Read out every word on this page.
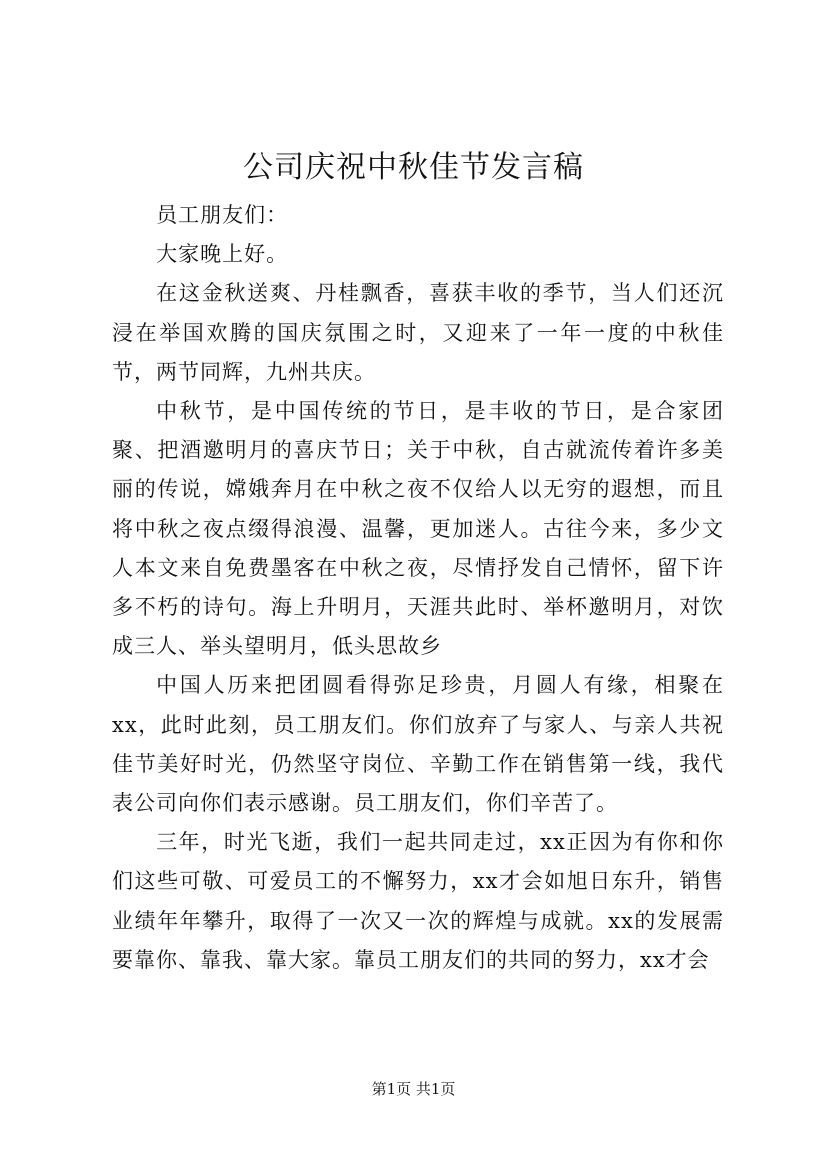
公司庆祝中秋佳节发言稿

员工朋友们：

大家晚上好。

在这金秋送爽、丹桂飘香，喜获丰收的季节，当人们还沉浸在举国欢腾的国庆氛围之时，又迎来了一年一度的中秋佳节，两节同辉，九州共庆。

中秋节，是中国传统的节日，是丰收的节日，是合家团聚、把酒邀明月的喜庆节日；关于中秋，自古就流传着许多美丽的传说，嫦娥奔月在中秋之夜不仅给人以无穷的遐想，而且将中秋之夜点缀得浪漫、温馨，更加迷人。古往今来，多少文人本文来自免费墨客在中秋之夜，尽情抒发自己情怀，留下许多不朽的诗句。海上升明月，天涯共此时、举杯邀明月，对饮成三人、举头望明月，低头思故乡

中国人历来把团圆看得弥足珍贵，月圆人有缘，相聚在xx，此时此刻，员工朋友们。你们放弃了与家人、与亲人共祝佳节美好时光，仍然坚守岗位、辛勤工作在销售第一线，我代表公司向你们表示感谢。员工朋友们，你们辛苦了。

三年，时光飞逝，我们一起共同走过，xx正因为有你和你们这些可敬、可爱员工的不懈努力，xx才会如旭日东升，销售业绩年年攀升，取得了一次又一次的辉煌与成就。xx的发展需要靠你、靠我、靠大家。靠员工朋友们的共同的努力，xx才会

第1页 共1页
